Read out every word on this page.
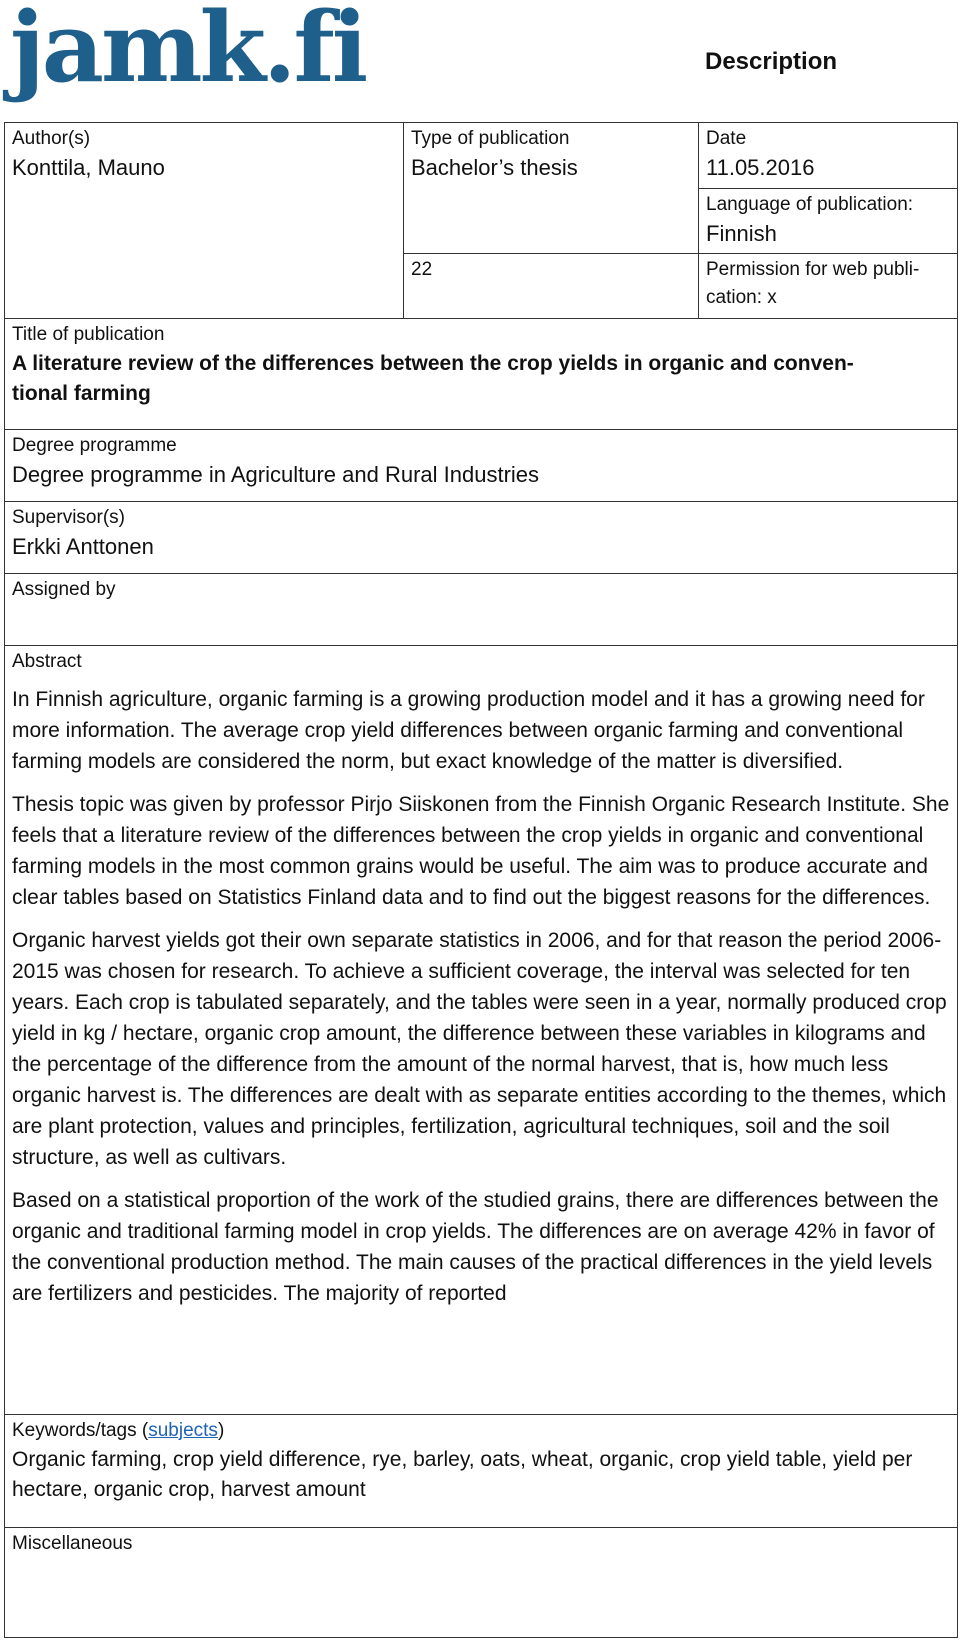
jamk.fi	Description
Author(s)
Konttila, Mauno
Type of publication
Bachelor’s thesis
Date
11.05.2016
Language of publication:
Finnish
22	Permission for web publi-
cation: x
Title of publication
A literature review of the differences between the crop yields in organic and conven-
tional farming
Degree programme
Degree programme in Agriculture and Rural Industries
Supervisor(s)
Erkki Anttonen
Assigned by
Abstract

In Finnish agriculture, organic farming is a growing production model and it has a growing need for more information. The average crop yield differences between organic farming and conventional farming models are considered the norm, but exact knowledge of the matter is diversified.

Thesis topic was given by professor Pirjo Siiskonen from the Finnish Organic Research Institute. She feels that a literature review of the differences between the crop yields in organic and conventional farming models in the most common grains would be useful. The aim was to produce accurate and clear tables based on Statistics Finland data and to find out the biggest reasons for the differences.

Organic harvest yields got their own separate statistics in 2006, and for that reason the period 2006-2015 was chosen for research. To achieve a sufficient coverage, the interval was selected for ten years. Each crop is tabulated separately, and the tables were seen in a year, normally produced crop yield in kg / hectare, organic crop amount, the difference between these variables in kilograms and the percentage of the difference from the amount of the normal harvest, that is, how much less organic harvest is. The differences are dealt with as separate entities according to the themes, which are plant protection, values and principles, fertilization, agricultural techniques, soil and the soil structure, as well as cultivars.

Based on a statistical proportion of the work of the studied grains, there are differences between the organic and traditional farming model in crop yields. The differences are on average 42% in favor of the conventional production method. The main causes of the practical differences in the yield levels are fertilizers and pesticides. The majority of reported

Keywords/tags (subjects)
Organic farming, crop yield difference, rye, barley, oats, wheat, organic, crop yield table, yield per hectare, organic crop, harvest amount
Miscellaneous
